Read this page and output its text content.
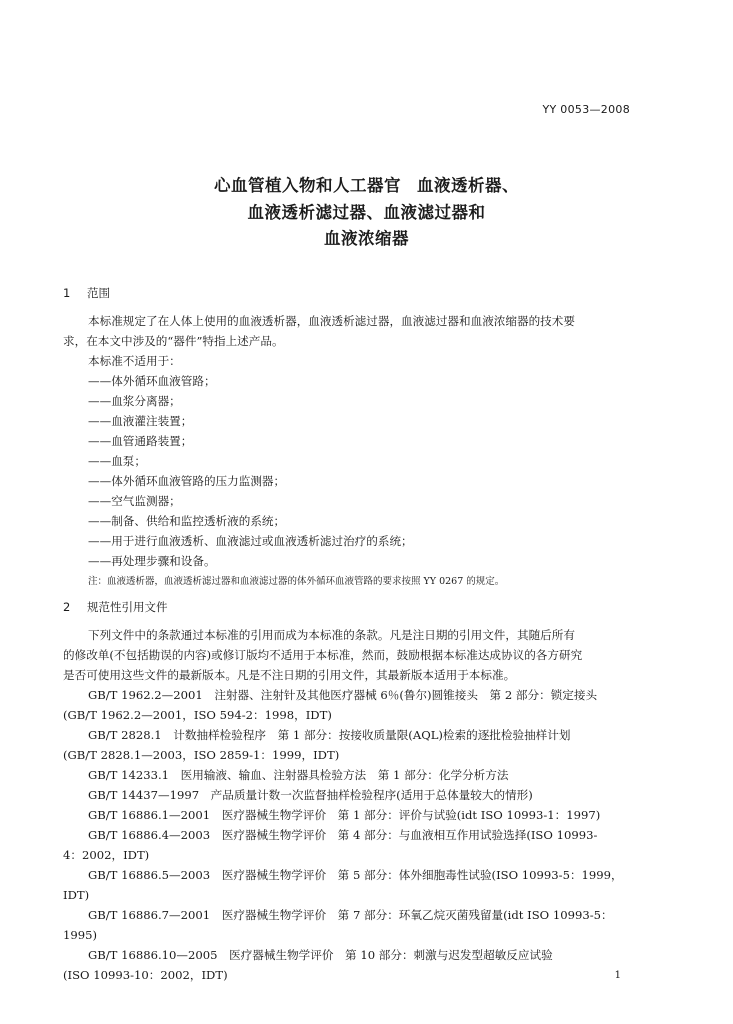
YY 0053—2008
心血管植入物和人工器官 血液透析器、
血液透析滤过器、血液滤过器和
血液浓缩器
1 范围
本标准规定了在人体上使用的血液透析器，血液透析滤过器，血液滤过器和血液浓缩器的技术要
求，在本文中涉及的“器件”特指上述产品。
本标准不适用于：
——体外循环血液管路；
——血浆分离器；
——血液灌注装置；
——血管通路装置；
——血泵；
——体外循环血液管路的压力监测器；
——空气监测器；
——制备、供给和监控透析液的系统；
——用于进行血液透析、血液滤过或血液透析滤过治疗的系统；
——再处理步骤和设备。
注：血液透析器，血液透析滤过器和血液滤过器的体外循环血液管路的要求按照 YY 0267 的规定。
2 规范性引用文件
下列文件中的条款通过本标准的引用而成为本标准的条款。凡是注日期的引用文件，其随后所有
的修改单(不包括勘误的内容)或修订版均不适用于本标准，然而，鼓励根据本标准达成协议的各方研究
是否可使用这些文件的最新版本。凡是不注日期的引用文件，其最新版本适用于本标准。
GB/T 1962.2—2001　注射器、注射针及其他医疗器械 6％(鲁尔)圆锥接头　第 2 部分：锁定接头
(GB/T 1962.2—2001，ISO 594-2：1998，IDT)
GB/T 2828.1　计数抽样检验程序　第 1 部分：按接收质量限(AQL)检索的逐批检验抽样计划
(GB/T 2828.1—2003，ISO 2859-1：1999，IDT)
GB/T 14233.1　医用输液、输血、注射器具检验方法　第 1 部分：化学分析方法
GB/T 14437—1997　产品质量计数一次监督抽样检验程序(适用于总体量较大的情形)
GB/T 16886.1—2001　医疗器械生物学评价　第 1 部分：评价与试验(idt ISO 10993-1：1997)
GB/T 16886.4—2003　医疗器械生物学评价　第 4 部分：与血液相互作用试验选择(ISO 10993-
4：2002，IDT)
GB/T 16886.5—2003　医疗器械生物学评价　第 5 部分：体外细胞毒性试验(ISO 10993-5：1999，
IDT)
GB/T 16886.7—2001　医疗器械生物学评价　第 7 部分：环氧乙烷灭菌残留量(idt ISO 10993-5：
1995)
GB/T 16886.10—2005　医疗器械生物学评价　第 10 部分：刺激与迟发型超敏反应试验
(ISO 10993-10：2002，IDT)	1
